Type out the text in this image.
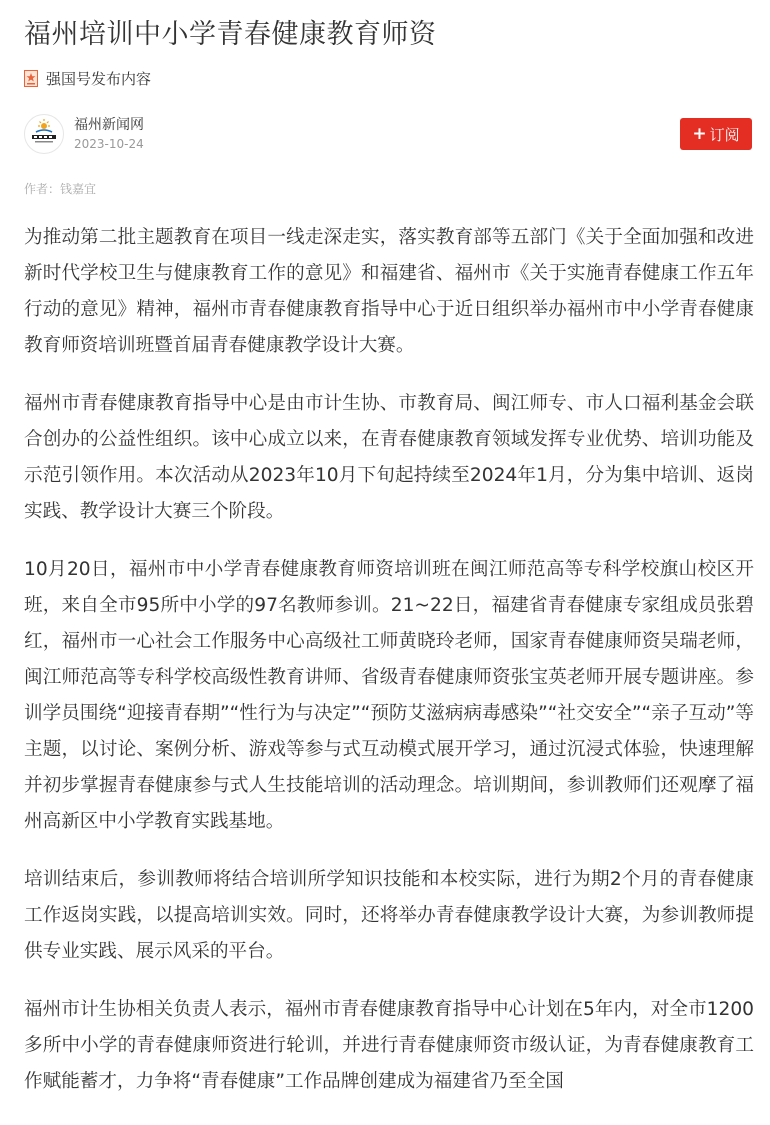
福州培训中小学青春健康教育师资
强国号发布内容
福州新闻网
2023-10-24
+ 订阅
作者：钱嘉宜

为推动第二批主题教育在项目一线走深走实，落实教育部等五部门《关于全面加强和改进新时代学校卫生与健康教育工作的意见》和福建省、福州市《关于实施青春健康工作五年行动的意见》精神，福州市青春健康教育指导中心于近日组织举办福州市中小学青春健康教育师资培训班暨首届青春健康教学设计大赛。

福州市青春健康教育指导中心是由市计生协、市教育局、闽江师专、市人口福利基金会联合创办的公益性组织。该中心成立以来，在青春健康教育领域发挥专业优势、培训功能及示范引领作用。本次活动从2023年10月下旬起持续至2024年1月，分为集中培训、返岗实践、教学设计大赛三个阶段。

10月20日，福州市中小学青春健康教育师资培训班在闽江师范高等专科学校旗山校区开班，来自全市95所中小学的97名教师参训。21~22日，福建省青春健康专家组成员张碧红，福州市一心社会工作服务中心高级社工师黄晓玲老师，国家青春健康师资吴瑞老师，闽江师范高等专科学校高级性教育讲师、省级青春健康师资张宝英老师开展专题讲座。参训学员围绕“迎接青春期”“性行为与决定”“预防艾滋病病毒感染”“社交安全”“亲子互动”等主题，以讨论、案例分析、游戏等参与式互动模式展开学习，通过沉浸式体验，快速理解并初步掌握青春健康参与式人生技能培训的活动理念。培训期间，参训教师们还观摩了福州高新区中小学教育实践基地。

培训结束后，参训教师将结合培训所学知识技能和本校实际，进行为期2个月的青春健康工作返岗实践，以提高培训实效。同时，还将举办青春健康教学设计大赛，为参训教师提供专业实践、展示风采的平台。

福州市计生协相关负责人表示，福州市青春健康教育指导中心计划在5年内，对全市1200多所中小学的青春健康师资进行轮训，并进行青春健康师资市级认证，为青春健康教育工作赋能蓄才，力争将“青春健康”工作品牌创建成为福建省乃至全国
